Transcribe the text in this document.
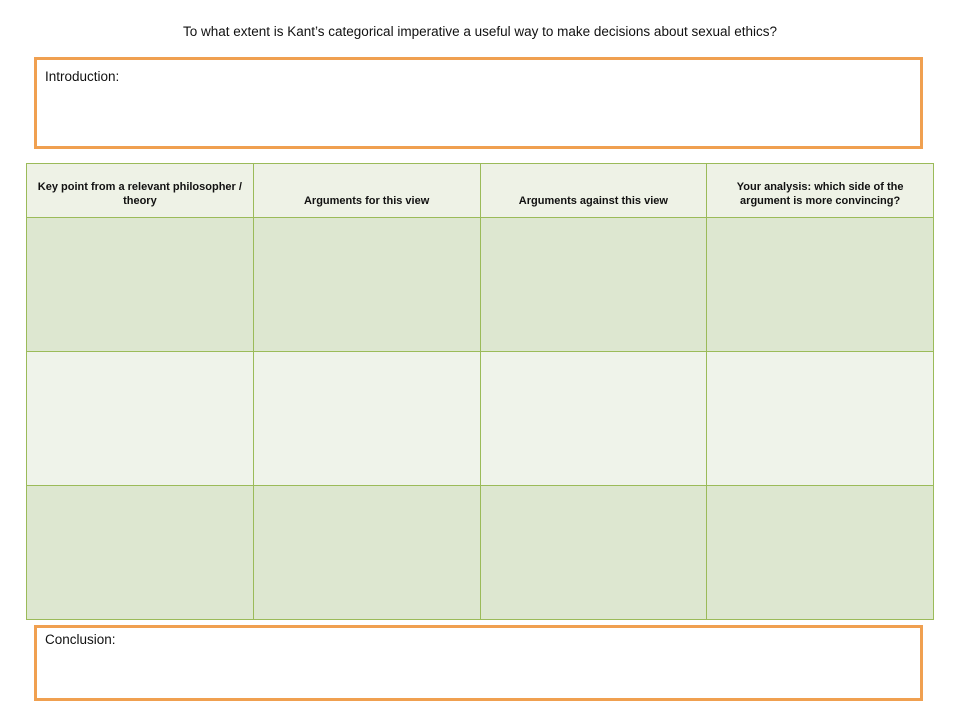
To what extent is Kant’s categorical imperative a useful way to make decisions about sexual ethics?
Introduction:
Key point from a relevant philosopher / theory	Arguments for this view	Arguments against this view	Your analysis: which side of the argument is more convincing?

Conclusion:
